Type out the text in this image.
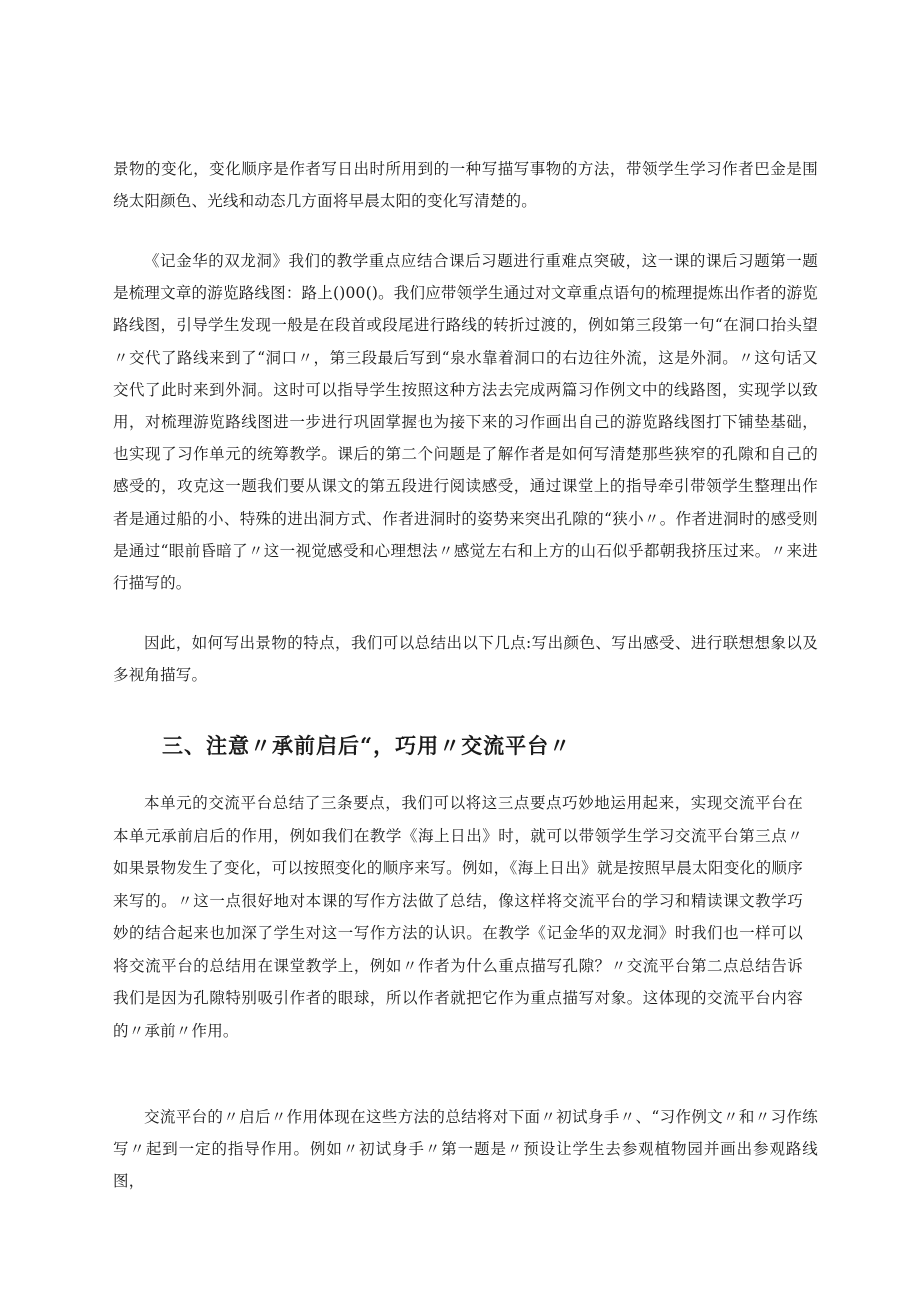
景物的变化，变化顺序是作者写日出时所用到的一种写描写事物的方法，带领学生学习作者巴金是围绕太阳颜色、光线和动态几方面将早晨太阳的变化写清楚的。

《记金华的双龙洞》我们的教学重点应结合课后习题进行重难点突破，这一课的课后习题第一题是梳理文章的游览路线图：路上()00()。我们应带领学生通过对文章重点语句的梳理提炼出作者的游览路线图，引导学生发现一般是在段首或段尾进行路线的转折过渡的，例如第三段第一句“在洞口抬头望〃交代了路线来到了“洞口〃，第三段最后写到“泉水靠着洞口的右边往外流，这是外洞。〃这句话又交代了此时来到外洞。这时可以指导学生按照这种方法去完成两篇习作例文中的线路图，实现学以致用，对梳理游览路线图进一步进行巩固掌握也为接下来的习作画出自己的游览路线图打下铺垫基础，也实现了习作单元的统筹教学。课后的第二个问题是了解作者是如何写清楚那些狭窄的孔隙和自己的感受的，攻克这一题我们要从课文的第五段进行阅读感受，通过课堂上的指导牵引带领学生整理出作者是通过船的小、特殊的进出洞方式、作者进洞时的姿势来突出孔隙的“狭小〃。作者进洞时的感受则是通过“眼前昏暗了〃这一视觉感受和心理想法〃感觉左右和上方的山石似乎都朝我挤压过来。〃来进行描写的。

因此，如何写出景物的特点，我们可以总结出以下几点:写出颜色、写出感受、进行联想想象以及多视角描写。

三、注意〃承前启后“，巧用〃交流平台〃

本单元的交流平台总结了三条要点，我们可以将这三点要点巧妙地运用起来，实现交流平台在本单元承前启后的作用，例如我们在教学《海上日出》时，就可以带领学生学习交流平台第三点〃如果景物发生了变化，可以按照变化的顺序来写。例如，《海上日出》就是按照早晨太阳变化的顺序来写的。〃这一点很好地对本课的写作方法做了总结，像这样将交流平台的学习和精读课文教学巧妙的结合起来也加深了学生对这一写作方法的认识。在教学《记金华的双龙洞》时我们也一样可以将交流平台的总结用在课堂教学上，例如〃作者为什么重点描写孔隙？〃交流平台第二点总结告诉我们是因为孔隙特别吸引作者的眼球，所以作者就把它作为重点描写对象。这体现的交流平台内容的〃承前〃作用。

交流平台的〃启后〃作用体现在这些方法的总结将对下面〃初试身手〃、“习作例文〃和〃习作练写〃起到一定的指导作用。例如〃初试身手〃第一题是〃预设让学生去参观植物园并画出参观路线图，
